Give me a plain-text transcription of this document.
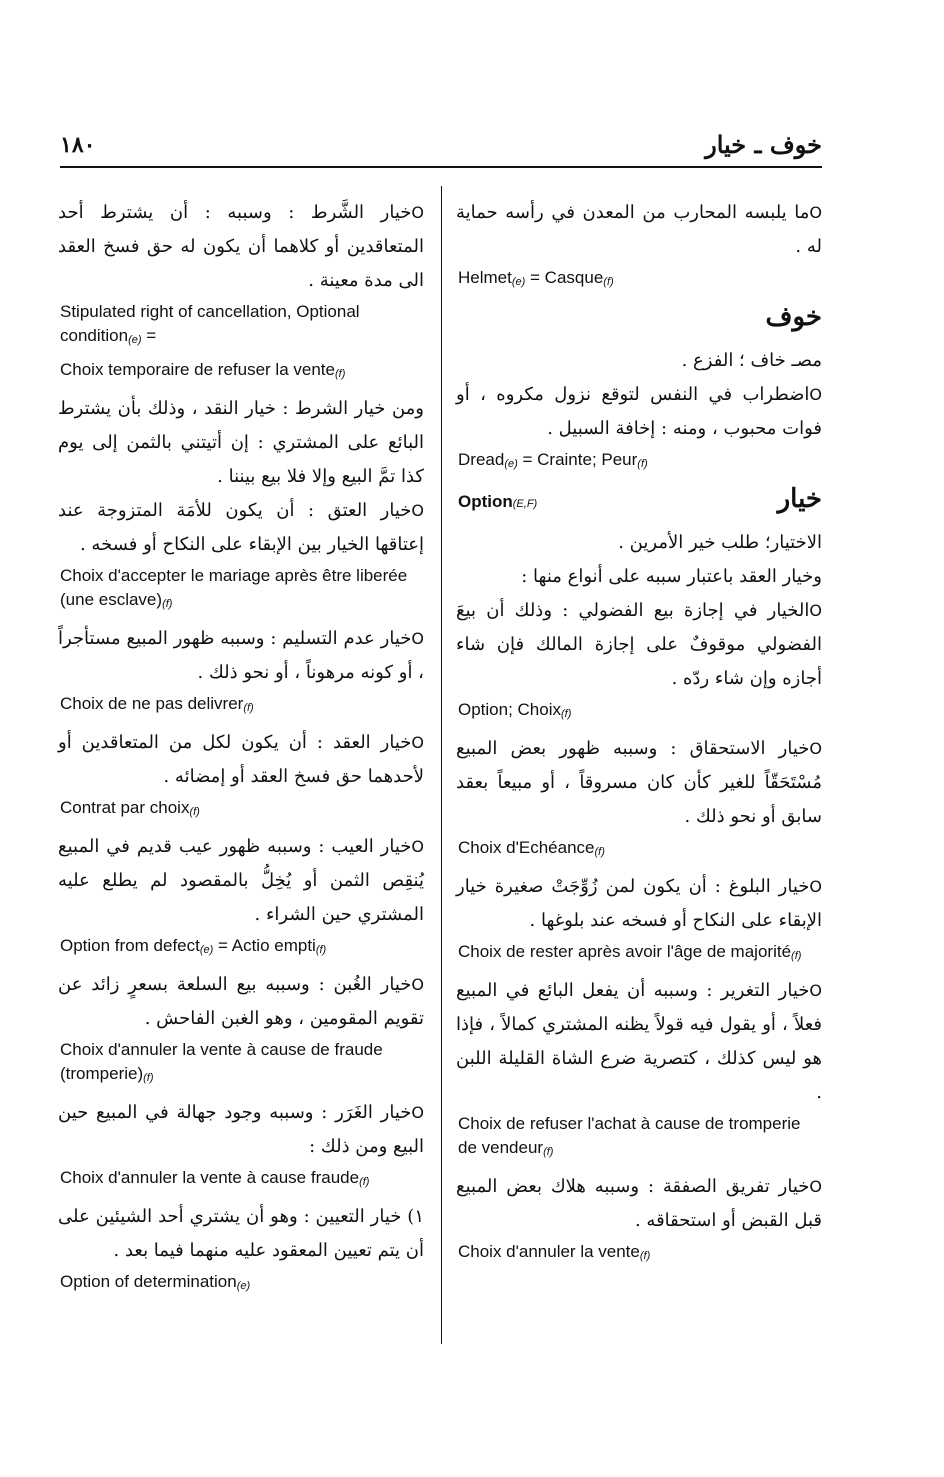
خوف ـ خيار
١٨٠

Oما يلبسه المحارب من المعدن في رأسه حماية له .

Helmet(e) = Casque(f)

خوف

مصـ خاف ؛ الفزع .

Oاضطراب في النفس لتوقع نزول مكروه ، أو فوات محبوب ، ومنه : إخافة السبيل .

Dread(e) = Crainte; Peur(f)

خيار
Option(E,F)

الاختيار؛ طلب خير الأمرين .

وخيار العقد باعتبار سببه على أنواع منها :

Oالخيار في إجازة بيع الفضولي : وذلك أن بيعَ الفضولي موقوفٌ على إجازة المالك فإن شاء أجازه وإن شاء ردّه .

Option; Choix(f)

Oخيار الاستحقاق : وسببه ظهور بعض المبيع مُسْتَحَقّاً للغير كأن كان مسروقاً ، أو مبيعاً بعقد سابق أو نحو ذلك .

Choix d'Echéance(f)

Oخيار البلوغ : أن يكون لمن زُوِّجَتْ صغيرة خيار الإبقاء على النكاح أو فسخه عند بلوغها .

Choix de rester après avoir l'âge de majorité(f)

Oخيار التغرير : وسببه أن يفعل البائع في المبيع فعلاً ، أو يقول فيه قولاً يظنه المشتري كمالاً ، فإذا هو ليس كذلك ، كتصرية ضرع الشاة القليلة اللبن .

Choix de refuser l'achat à cause de tromperie de vendeur(f)

Oخيار تفريق الصفقة : وسببه هلاك بعض المبيع قبل القبض أو استحقاقه .

Choix d'annuler la vente(f)

Oخيار الشَّرط : وسببه : أن يشترط أحد المتعاقدين أو كلاهما أن يكون له حق فسخ العقد الى مدة معينة .

Stipulated right of cancellation, Optional condition(e) =

Choix temporaire de refuser la vente(f)

ومن خيار الشرط : خيار النقد ، وذلك بأن يشترط البائع على المشتري : إن أتيتني بالثمن إلى يوم كذا تمَّ البيع وإلا فلا بيع بيننا .

Oخيار العتق : أن يكون للأمَة المتزوجة عند إعتاقها الخيار بين الإبقاء على النكاح أو فسخه .

Choix d'accepter le mariage après être liberée (une esclave)(f)

Oخيار عدم التسليم : وسببه ظهور المبيع مستأجراً ، أو كونه مرهوناً ، أو نحو ذلك .

Choix de ne pas delivrer(f)

Oخيار العقد : أن يكون لكل من المتعاقدين أو لأحدهما حق فسخ العقد أو إمضائه .

Contrat par choix(f)

Oخيار العيب : وسببه ظهور عيب قديم في المبيع يُنقِص الثمن أو يُخِلُّ بالمقصود لم يطلع عليه المشتري حين الشراء .

Option from defect(e) = Actio empti(f)

Oخيار الغُبن : وسببه بيع السلعة بسعرٍ زائد عن تقويم المقومين ، وهو الغبن الفاحش .

Choix d'annuler la vente à cause de fraude (tromperie)(f)

Oخيار الغَرَر : وسببه وجود جهالة في المبيع حين البيع ومن ذلك :

Choix d'annuler la vente à cause fraude(f)

١) خيار التعيين : وهو أن يشتري أحد الشيئين على أن يتم تعيين المعقود عليه منهما فيما بعد .

Option of determination(e)
